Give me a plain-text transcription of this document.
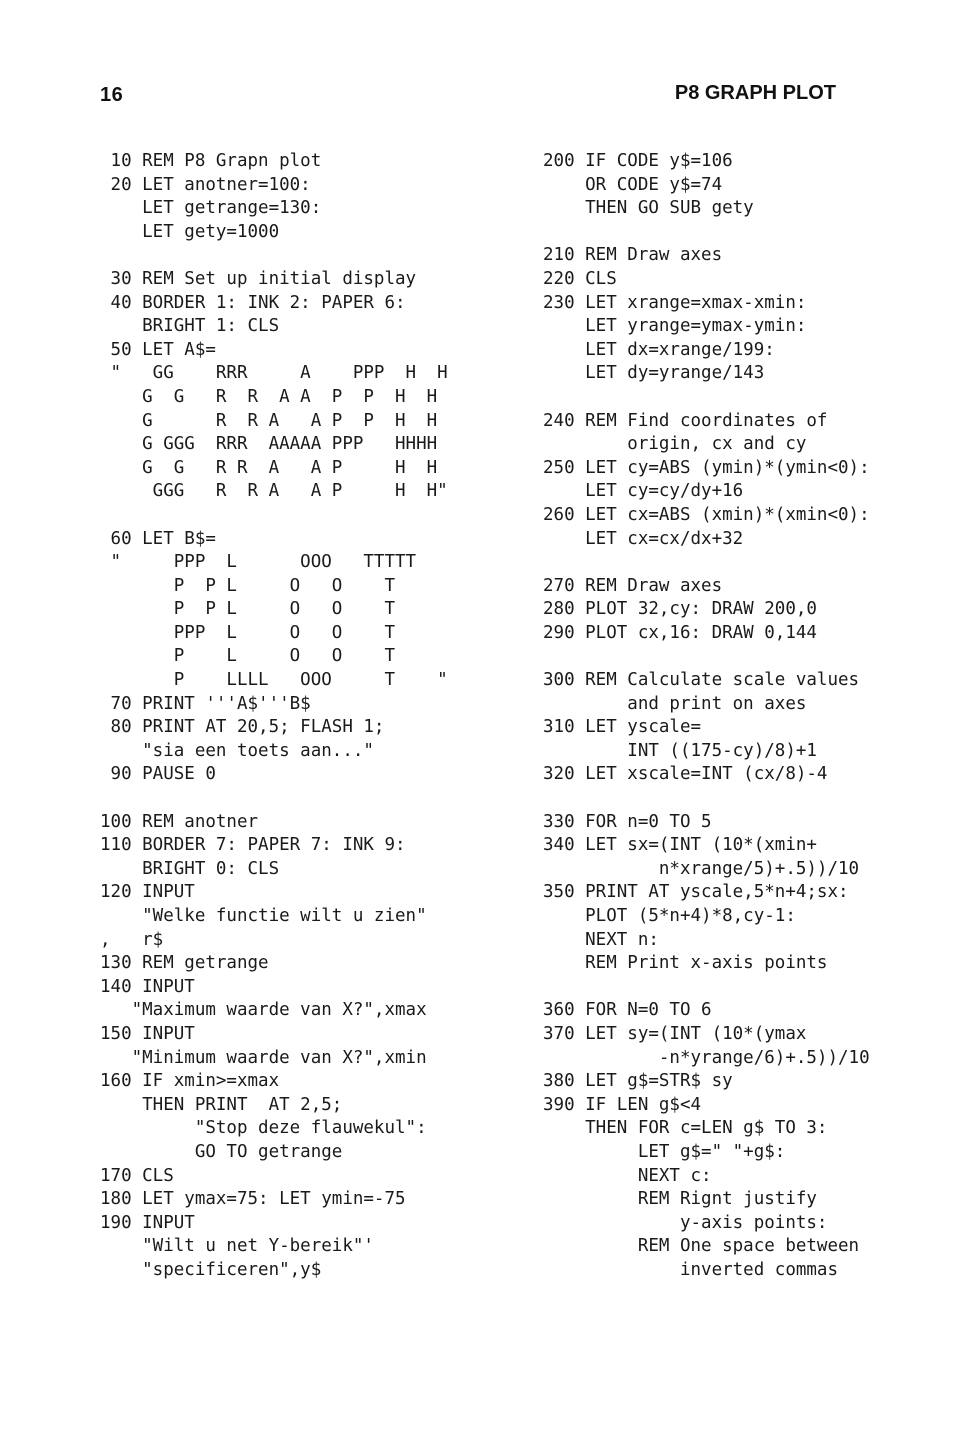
16	P8 GRAPH PLOT
10 REM P8 Grapn plot
20 LET anotner=100:
LET getrange=130:
LET gety=1000

30 REM Set up initial display
40 BORDER 1: INK 2: PAPER 6:
BRIGHT 1: CLS
50 LET A$=
"   GG    RRR     A    PPP  H  H
G  G   R  R  A A  P  P  H  H
G      R  R A   A P  P  H  H
G GGG  RRR  AAAAA PPP   HHHH
G  G   R R  A   A P     H  H
GGG   R  R A   A P     H  H"

60 LET B$=
"     PPP  L      OOO   TTTTT
P  P L     O   O    T
P  P L     O   O    T
PPP  L     O   O    T
P    L     O   O    T
P    LLLL   OOO     T    "
70 PRINT '''A$'''B$
80 PRINT AT 20,5; FLASH 1;
"sia een toets aan..."
90 PAUSE 0

100 REM anotner
110 BORDER 7: PAPER 7: INK 9:
BRIGHT 0: CLS
120 INPUT
"Welke functie wilt u zien"
,   r$
130 REM getrange
140 INPUT
"Maximum waarde van X?",xmax
150 INPUT
"Minimum waarde van X?",xmin
160 IF xmin>=xmax
THEN PRINT  AT 2,5;
"Stop deze flauwekul":
GO TO getrange
170 CLS
180 LET ymax=75: LET ymin=-75
190 INPUT
"Wilt u net Y-bereik"'
"specificeren",y$
200 IF CODE y$=106
OR CODE y$=74
THEN GO SUB gety

210 REM Draw axes
220 CLS
230 LET xrange=xmax-xmin:
LET yrange=ymax-ymin:
LET dx=xrange/199:
LET dy=yrange/143

240 REM Find coordinates of
origin, cx and cy
250 LET cy=ABS (ymin)*(ymin<0):
LET cy=cy/dy+16
260 LET cx=ABS (xmin)*(xmin<0):
LET cx=cx/dx+32

270 REM Draw axes
280 PLOT 32,cy: DRAW 200,0
290 PLOT cx,16: DRAW 0,144

300 REM Calculate scale values
and print on axes
310 LET yscale=
INT ((175-cy)/8)+1
320 LET xscale=INT (cx/8)-4

330 FOR n=0 TO 5
340 LET sx=(INT (10*(xmin+
n*xrange/5)+.5))/10
350 PRINT AT yscale,5*n+4;sx:
PLOT (5*n+4)*8,cy-1:
NEXT n:
REM Print x-axis points

360 FOR N=0 TO 6
370 LET sy=(INT (10*(ymax
-n*yrange/6)+.5))/10
380 LET g$=STR$ sy
390 IF LEN g$<4
THEN FOR c=LEN g$ TO 3:
LET g$=" "+g$:
NEXT c:
REM Rignt justify
y-axis points:
REM One space between
inverted commas
